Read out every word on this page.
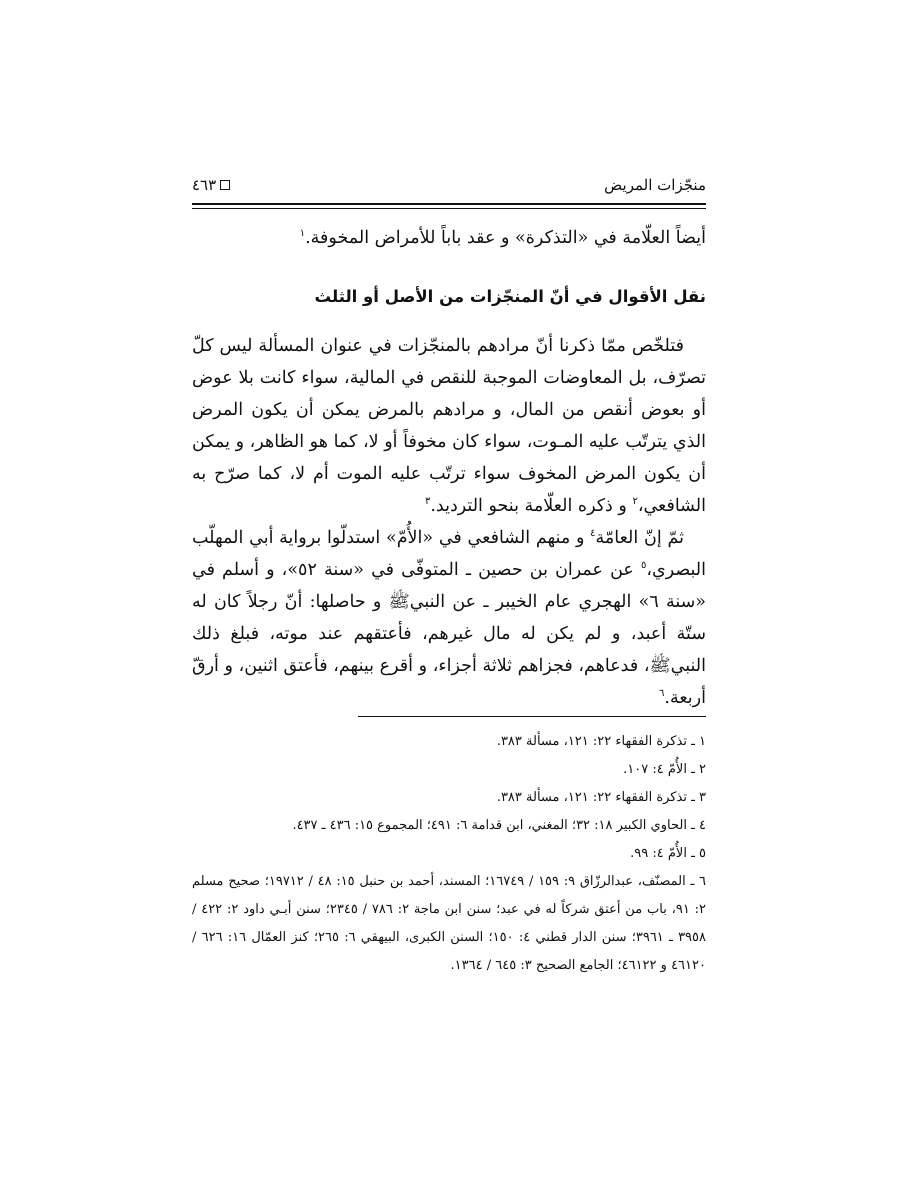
منجّزات المريض
٤٦٣
أيضاً العلّامة في «التذكرة» و عقد باباً للأمراض المخوفة.$^١$
نقل الأقوال في أنّ المنجّزات من الأصل أو الثلث

فتلخّص ممّا ذكرنا أنّ مرادهم بالمنجّزات في عنوان المسألة ليس كلّ تصرّف، بل المعاوضات الموجبة للنقص في المالية، سواء كانت بلا عوض أو بعوض أنقص من المال، و مرادهم بالمرض يمكن أن يكون المرض الذي يترتّب عليه المـوت، سواء كان مخوفاً أو لا، كما هو الظاهر، و يمكن أن يكون المرض المخوف سواء ترتّب عليه الموت أم لا، كما صرّح به الشافعي،$^٢$ و ذكره العلّامة بنحو الترديد.$^٣$

ثمّ إنّ العامّة$^٤$ و منهم الشافعي في «الأُمّ» استدلّوا برواية أبي المهلّب البصري،$^٥$ عن عمران بن حصين ـ المتوفّى في «سنة ٥٢»، و أسلم في «سنة ٦» الهجري عام الخيبر ـ عن النبيﷺ و حاصلها: أنّ رجلاً كان له ستّة أعبد، و لم يكن له مال غيرهم، فأعتقهم عند موته، فبلغ ذلك النبيﷺ، فدعاهم، فجزاهم ثلاثة أجزاء، و أقرع بينهم، فأعتق اثنين، و أرقّ أربعة.$^٦$

١ ـ تذكرة الفقهاء ٢٢: ١٢١، مسألة ٣٨٣.
٢ ـ الأُمّ ٤: ١٠٧.
٣ ـ تذكرة الفقهاء ٢٢: ١٢١، مسألة ٣٨٣.
٤ ـ الحاوي الكبير ١٨: ٣٢؛ المغني، ابن قدامة ٦: ٤٩١؛ المجموع ١٥: ٤٣٦ ـ ٤٣٧.
٥ ـ الأُمّ ٤: ٩٩.
٦ ـ المصنّف، عبدالرزّاق ٩: ١٥٩ / ١٦٧٤٩؛ المسند، أحمد بن حنبل ١٥: ٤٨ / ١٩٧١٢؛ صحيح مسلم ٢: ٩١، باب من أعتق شركاً له في عبد؛ سنن ابن ماجة ٢: ٧٨٦ / ٢٣٤٥؛ سنن أبـي داود ٢: ٤٢٢ / ٣٩٥٨ ـ ٣٩٦١؛ سنن الدار قطني ٤: ١٥٠؛ السنن الكبرى، البيهقي ٦: ٢٦٥؛ كنز العمّال ١٦: ٦٢٦ / ٤٦١٢٠ و ٤٦١٢٢؛ الجامع الصحيح ٣: ٦٤٥ / ١٣٦٤.
